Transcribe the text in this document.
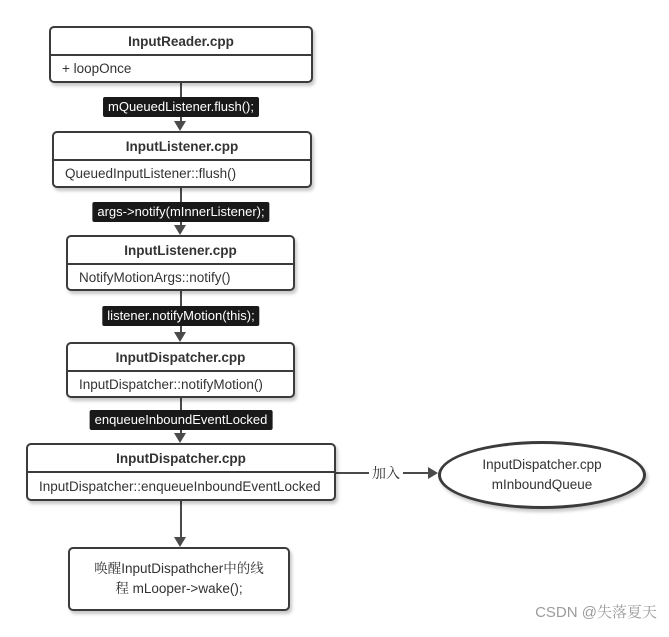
InputReader.cpp
+ loopOnce
mQueuedListener.flush();
InputListener.cpp
QueuedInputListener::flush()
args->notify(mInnerListener);
InputListener.cpp
NotifyMotionArgs::notify()
listener.notifyMotion(this);
InputDispatcher.cpp
InputDispatcher::notifyMotion()
enqueueInboundEventLocked
InputDispatcher.cpp
InputDispatcher::enqueueInboundEventLocked
加入
InputDispatcher.cpp
mInboundQueue
唤醒InputDispathcher中的线
程 mLooper->wake();
CSDN @失落夏天
